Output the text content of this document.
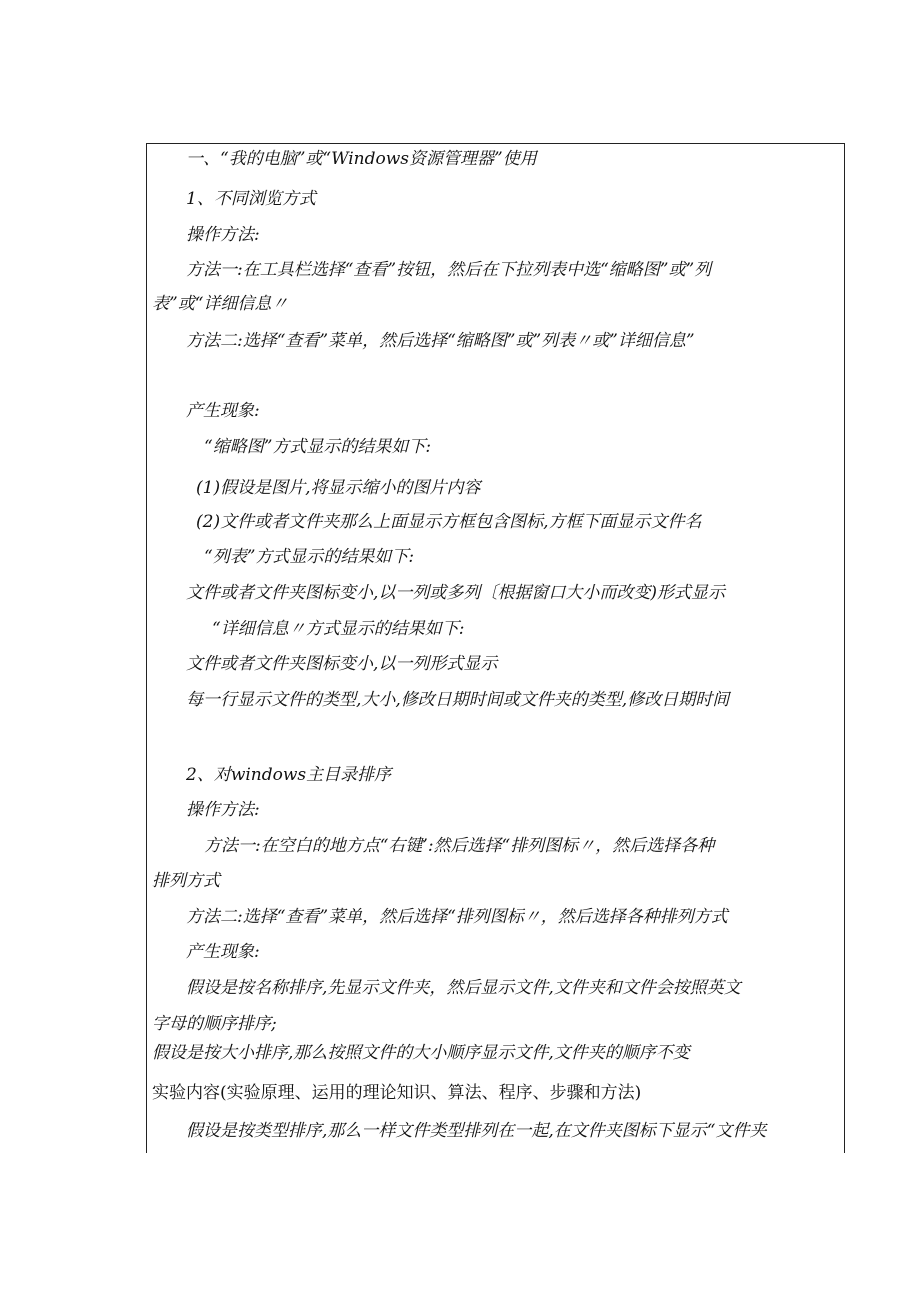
一、“我的电脑”或“Windows资源管理器”使用
1、不同浏览方式
操作方法:
方法一:在工具栏选择“查看”按钮，然后在下拉列表中选“缩略图”或”列
表”或“详细信息〃
方法二:选择“查看”菜单，然后选择“缩略图”或”列表〃或”详细信息”
产生现象:
“缩略图”方式显示的结果如下:
(1)假设是图片,将显示缩小的图片内容
(2)文件或者文件夹那么上面显示方框包含图标,方框下面显示文件名
“列表”方式显示的结果如下:
文件或者文件夹图标变小,以一列或多列〔根据窗口大小而改变)形式显示
“详细信息〃方式显示的结果如下:
文件或者文件夹图标变小,以一列形式显示
每一行显示文件的类型,大小,修改日期时间或文件夹的类型,修改日期时间
2、对windows主目录排序
操作方法:
方法一:在空白的地方点“右键’:然后选择“排列图标〃，然后选择各种
排列方式
方法二:选择“查看”菜单，然后选择“排列图标〃，然后选择各种排列方式
产生现象:
假设是按名称排序,先显示文件夹，然后显示文件,文件夹和文件会按照英文
字母的顺序排序;
假设是按大小排序,那么按照文件的大小顺序显示文件,文件夹的顺序不变
实验内容(实验原理、运用的理论知识、算法、程序、步骤和方法)
假设是按类型排序,那么一样文件类型排列在一起,在文件夹图标下显示“文件夹
